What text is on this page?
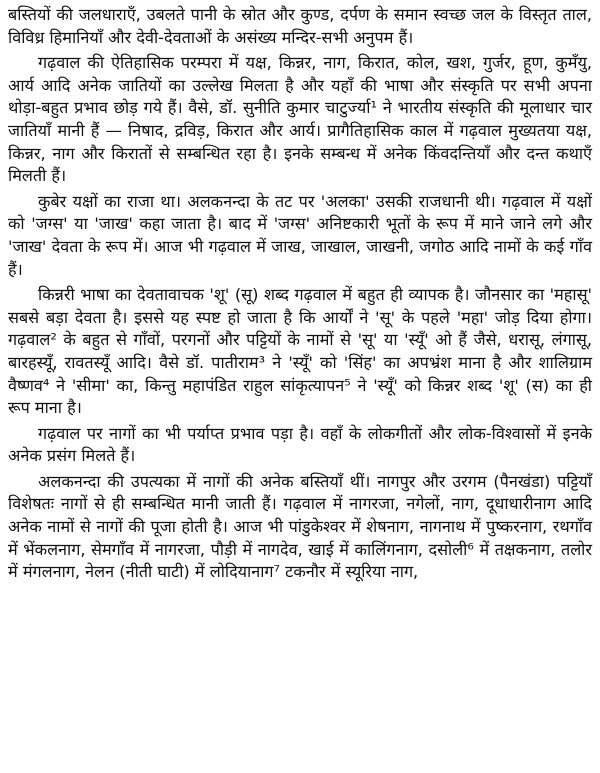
बस्तियों की जलधाराएँ, उबलते पानी के स्रोत और कुण्ड, दर्पण के समान स्वच्छ जल के विस्तृत ताल, विविध्र हिमानियाँ और देवी-देवताओं के असंख्य मन्दिर-सभी अनुपम हैं।

गढ़वाल की ऐतिहासिक परम्परा में यक्ष, किन्नर, नाग, किरात, कोल, खश, गुर्जर, हूण, कुमँयु, आर्य आदि अनेक जातियों का उल्लेख मिलता है और यहाँ की भाषा और संस्कृति पर सभी अपना थोड़ा-बहुत प्रभाव छोड़ गये हैं। वैसे, डॉ. सुनीति कुमार चाटुर्ज्या¹ ने भारतीय संस्कृति की मूलाधार चार जातियाँ मानी हैं — निषाद, द्रविड़, किरात और आर्य। प्रागैतिहासिक काल में गढ़वाल मुख्यतया यक्ष, किन्नर, नाग और किरातों से सम्बन्धित रहा है। इनके सम्बन्ध में अनेक किंवदन्तियाँ और दन्त कथाएँ मिलती हैं।

कुबेर यक्षों का राजा था। अलकनन्दा के तट पर 'अलका' उसकी राजधानी थी। गढ़वाल में यक्षों को 'जग्स' या 'जाख' कहा जाता है। बाद में 'जग्स' अनिष्टकारी भूतों के रूप में माने जाने लगे और 'जाख' देवता के रूप में। आज भी गढ़वाल में जाख, जाखाल, जाखनी, जगोठ आदि नामों के कई गाँव हैं।

किन्नरी भाषा का देवतावाचक 'शू' (सू) शब्द गढ़वाल में बहुत ही व्यापक है। जौनसार का 'महासू' सबसे बड़ा देवता है। इससे यह स्पष्ट हो जाता है कि आर्यों ने 'सू' के पहले 'महा' जोड़ दिया होगा। गढ़वाल² के बहुत से गाँवों, परगनों और पट्टियों के नामों से 'सू' या 'स्यूँ' ओ हैं जैसे, धरासू, लंगासू, बारहस्यूँ, रावतस्यूँ आदि। वैसे डॉ. पातीराम³ ने 'स्यूँ' को 'सिंह' का अपभ्रंश माना है और शालिग्राम वैष्णव⁴ ने 'सीमा' का, किन्तु महापंडित राहुल सांकृत्यापन⁵ ने 'स्यूँ' को किन्नर शब्द 'शू' (स) का ही रूप माना है।

गढ़वाल पर नागों का भी पर्याप्त प्रभाव पड़ा है। वहाँ के लोकगीतों और लोक-विश्वासों में इनके अनेक प्रसंग मिलते हैं।

अलकनन्दा की उपत्यका में नागों की अनेक बस्तियाँ थीं। नागपुर और उरगम (पैनखंडा) पट्टियाँ विशेषतः नागों से ही सम्बन्धित मानी जाती हैं। गढ़वाल में नागरजा, नगेलों, नाग, दूधाधारीनाग आदि अनेक नामों से नागों की पूजा होती है। आज भी पांडुकेश्वर में शेषनाग, नागनाथ में पुष्करनाग, रथगाँव में भेंकलनाग, सेमगाँव में नागरजा, पौड़ी में नागदेव, खाई में कालिंगनाग, दसोली⁶ में तक्षकनाग, तलोर में मंगलनाग, नेलन (नीती घाटी) में लोदियानाग⁷ टकनौर में स्यूरिया नाग,
